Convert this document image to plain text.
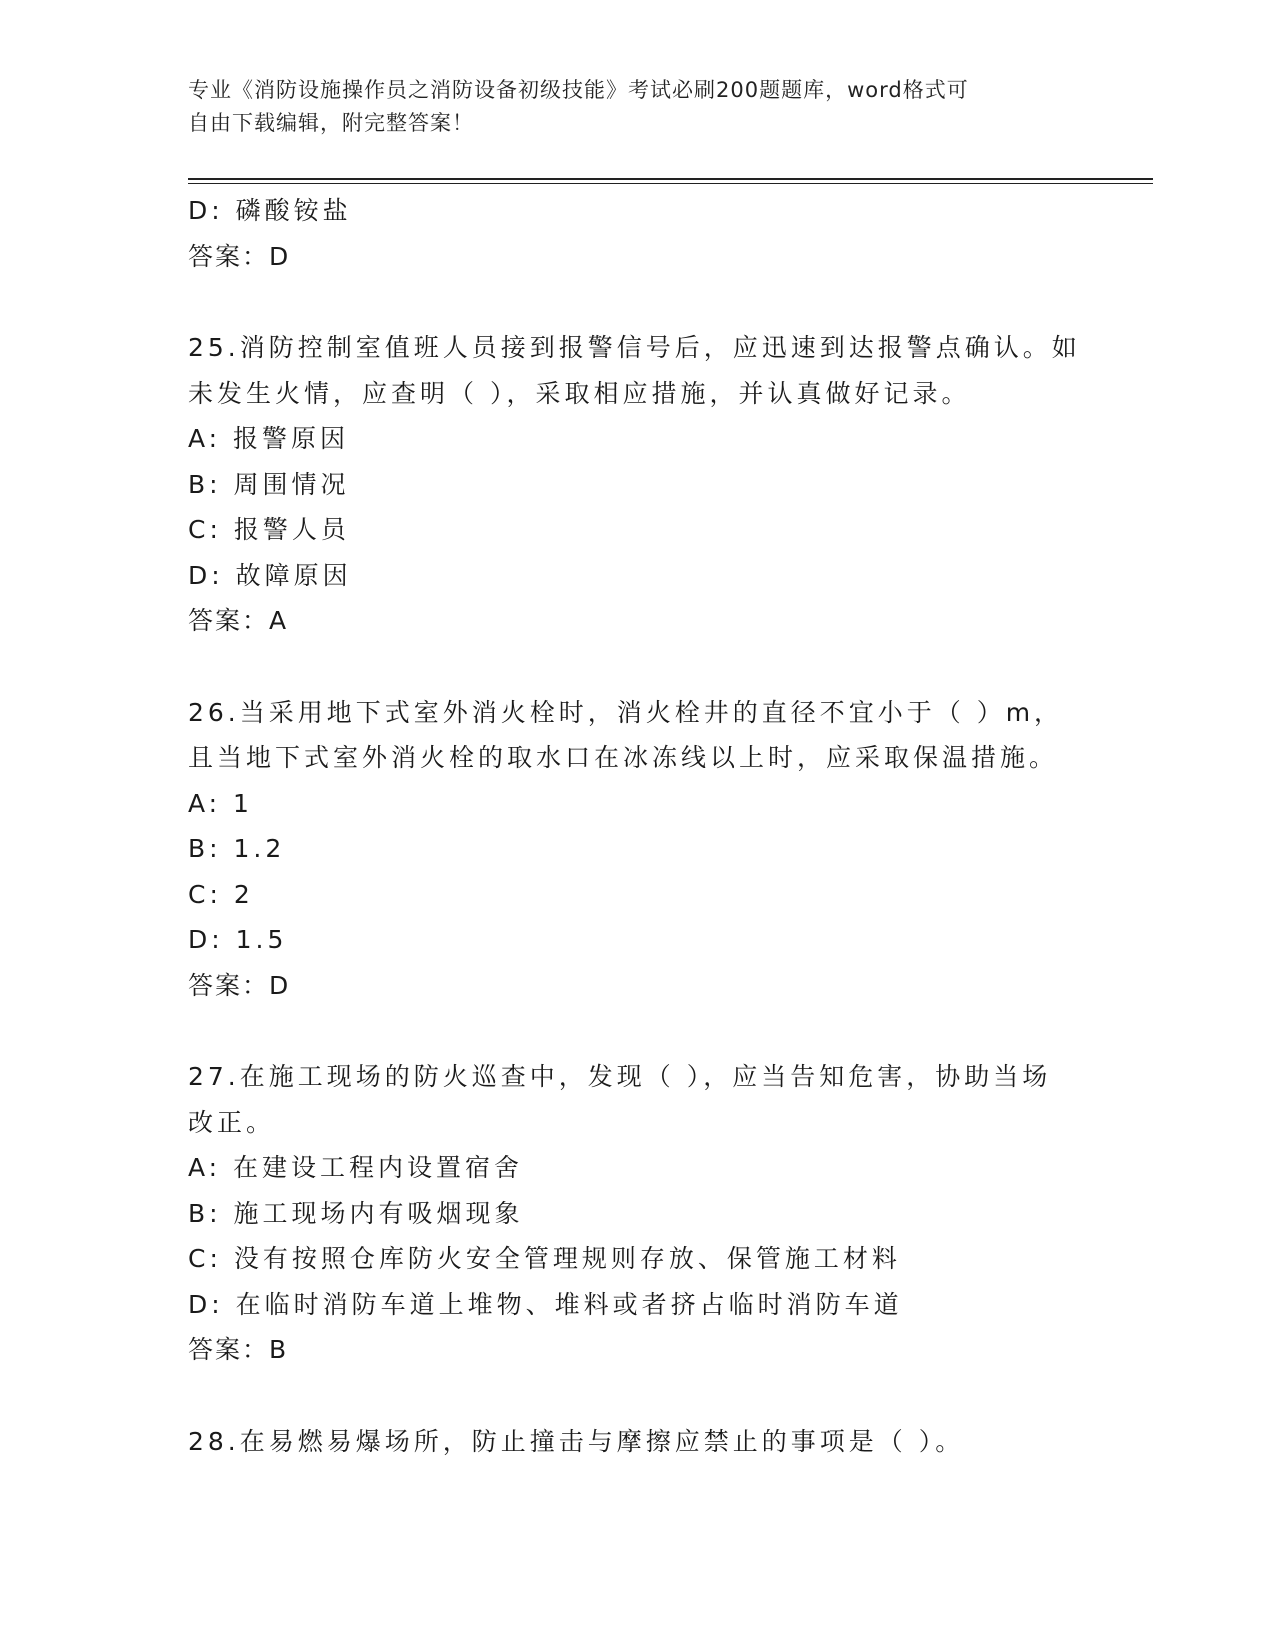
专业《消防设施操作员之消防设备初级技能》考试必刷200题题库，word格式可
自由下载编辑，附完整答案！
D: 磷酸铵盐
答案：D
25.消防控制室值班人员接到报警信号后，应迅速到达报警点确认。如
未发生火情，应查明（ ），采取相应措施，并认真做好记录。
A: 报警原因
B: 周围情况
C: 报警人员
D: 故障原因
答案：A
26.当采用地下式室外消火栓时，消火栓井的直径不宜小于（ ）m，
且当地下式室外消火栓的取水口在冰冻线以上时，应采取保温措施。
A: 1
B: 1.2
C: 2
D: 1.5
答案：D
27.在施工现场的防火巡查中，发现（ ），应当告知危害，协助当场
改正。
A: 在建设工程内设置宿舍
B: 施工现场内有吸烟现象
C: 没有按照仓库防火安全管理规则存放、保管施工材料
D: 在临时消防车道上堆物、堆料或者挤占临时消防车道
答案：B
28.在易燃易爆场所，防止撞击与摩擦应禁止的事项是（ ）。
